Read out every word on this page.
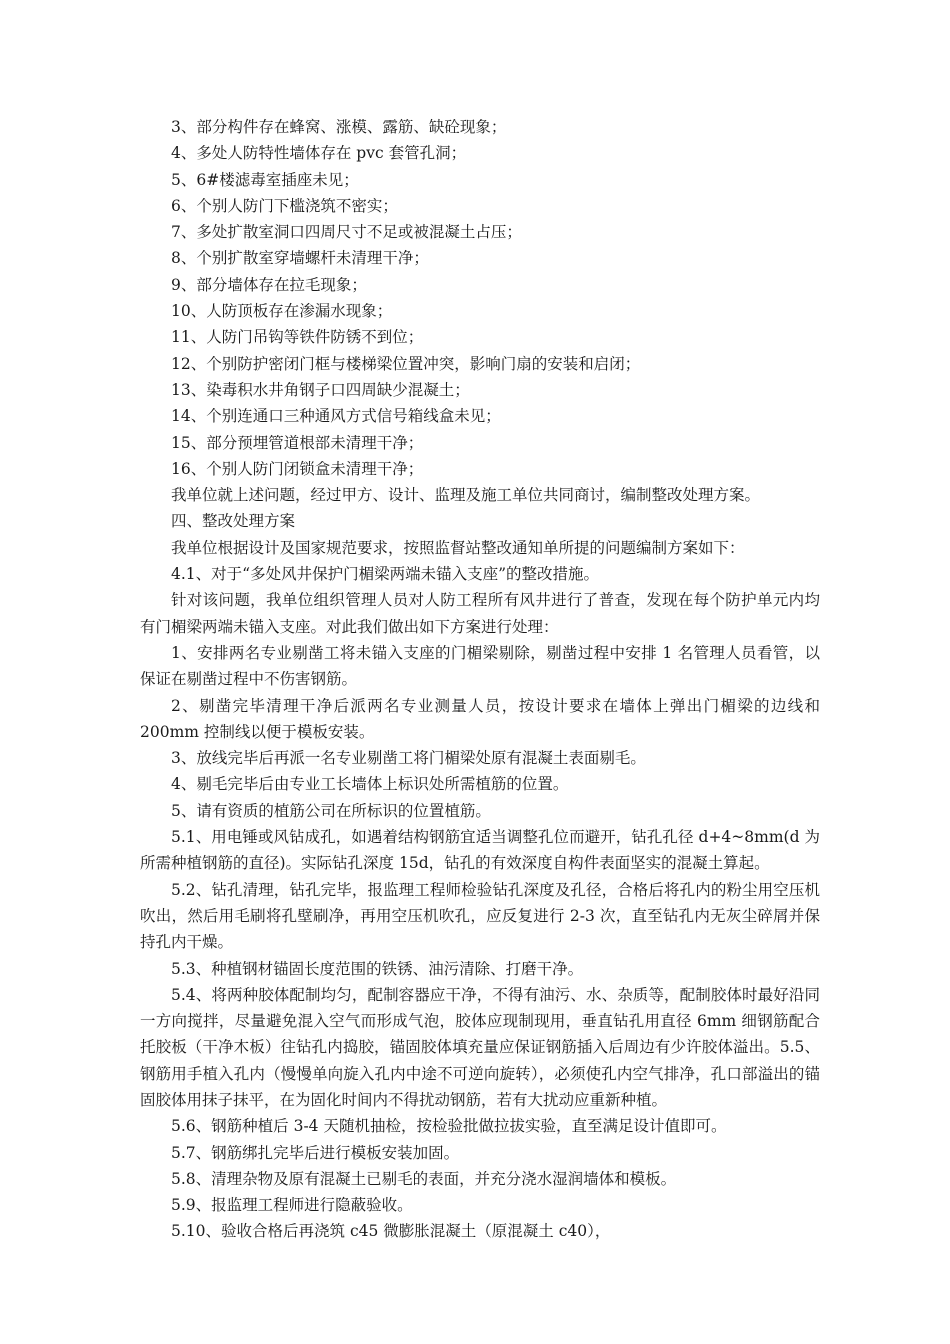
3、部分构件存在蜂窝、涨模、露筋、缺砼现象；

4、多处人防特性墙体存在 pvc 套管孔洞；

5、6#楼滤毒室插座未见；

6、个别人防门下槛浇筑不密实；

7、多处扩散室洞口四周尺寸不足或被混凝土占压；

8、个别扩散室穿墙螺杆未清理干净；

9、部分墙体存在拉毛现象；

10、人防顶板存在渗漏水现象；

11、人防门吊钩等铁件防锈不到位；

12、个别防护密闭门框与楼梯梁位置冲突，影响门扇的安装和启闭；

13、染毒积水井角钢子口四周缺少混凝土；

14、个别连通口三种通风方式信号箱线盒未见；

15、部分预埋管道根部未清理干净；

16、个别人防门闭锁盒未清理干净；

我单位就上述问题，经过甲方、设计、监理及施工单位共同商讨，编制整改处理方案。

四、整改处理方案

我单位根据设计及国家规范要求，按照监督站整改通知单所提的问题编制方案如下：

4.1、对于“多处风井保护门楣梁两端未锚入支座”的整改措施。

针对该问题，我单位组织管理人员对人防工程所有风井进行了普查，发现在每个防护单元内均有门楣梁两端未锚入支座。对此我们做出如下方案进行处理：

1、安排两名专业剔凿工将未锚入支座的门楣梁剔除，剔凿过程中安排 1 名管理人员看管，以保证在剔凿过程中不伤害钢筋。

2、剔凿完毕清理干净后派两名专业测量人员，按设计要求在墙体上弹出门楣梁的边线和 200mm 控制线以便于模板安装。

3、放线完毕后再派一名专业剔凿工将门楣梁处原有混凝土表面剔毛。

4、剔毛完毕后由专业工长墙体上标识处所需植筋的位置。

5、请有资质的植筋公司在所标识的位置植筋。

5.1、用电锤或风钻成孔，如遇着结构钢筋宜适当调整孔位而避开，钻孔孔径 d+4~8mm(d 为所需种植钢筋的直径)。实际钻孔深度 15d，钻孔的有效深度自构件表面坚实的混凝土算起。

5.2、钻孔清理，钻孔完毕，报监理工程师检验钻孔深度及孔径，合格后将孔内的粉尘用空压机吹出，然后用毛刷将孔壁刷净，再用空压机吹孔，应反复进行 2-3 次，直至钻孔内无灰尘碎屑并保持孔内干燥。

5.3、种植钢材锚固长度范围的铁锈、油污清除、打磨干净。

5.4、将两种胶体配制均匀，配制容器应干净，不得有油污、水、杂质等，配制胶体时最好沿同一方向搅拌，尽量避免混入空气而形成气泡，胶体应现制现用，垂直钻孔用直径 6mm 细钢筋配合托胶板（干净木板）往钻孔内捣胶，锚固胶体填充量应保证钢筋插入后周边有少许胶体溢出。5.5、钢筋用手植入孔内（慢慢单向旋入孔内中途不可逆向旋转），必须使孔内空气排净，孔口部溢出的锚固胶体用抹子抹平，在为固化时间内不得扰动钢筋，若有大扰动应重新种植。

5.6、钢筋种植后 3-4 天随机抽检，按检验批做拉拔实验，直至满足设计值即可。

5.7、钢筋绑扎完毕后进行模板安装加固。

5.8、清理杂物及原有混凝土已剔毛的表面，并充分浇水湿润墙体和模板。

5.9、报监理工程师进行隐蔽验收。

5.10、验收合格后再浇筑 c45 微膨胀混凝土（原混凝土 c40），
